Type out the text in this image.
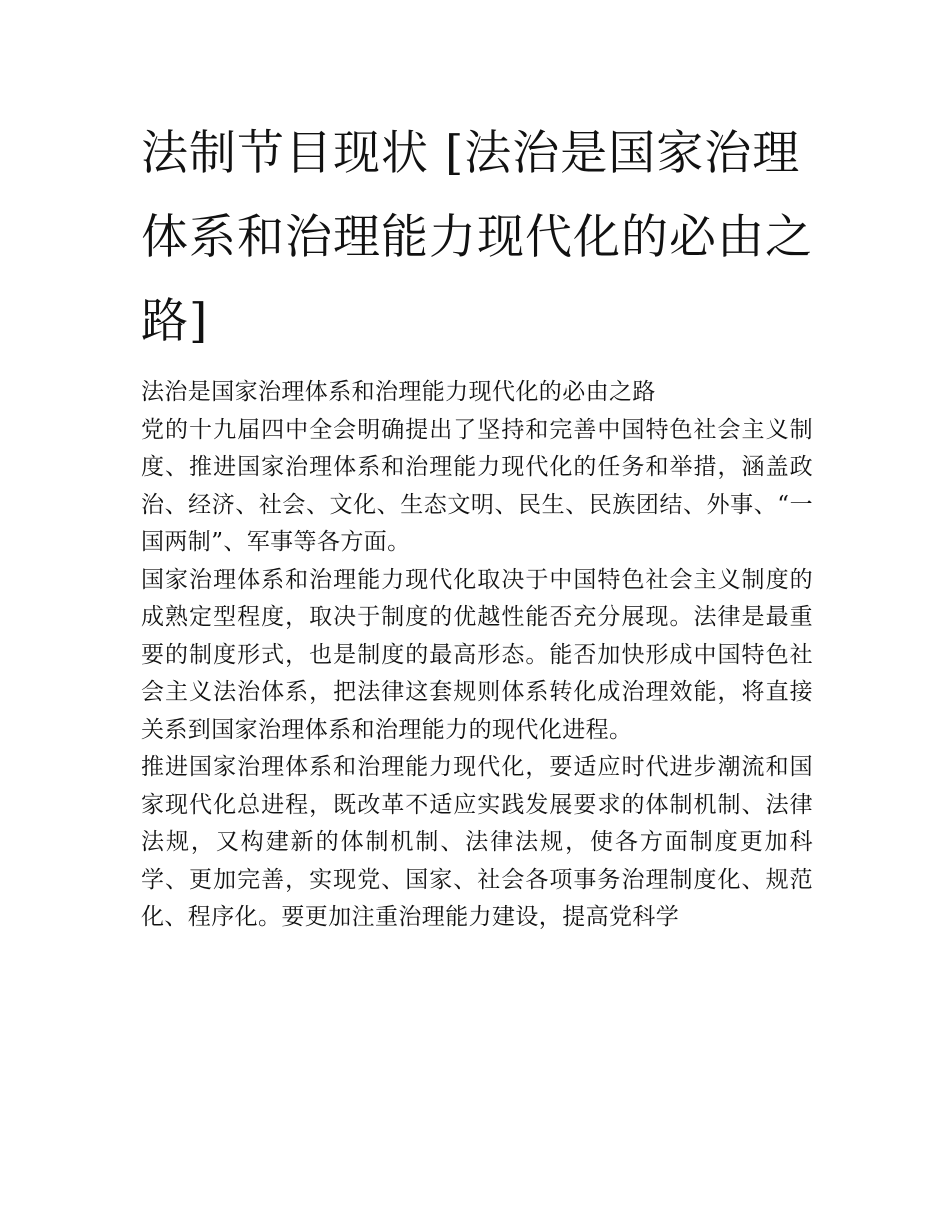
法制节目现状 [法治是国家治理体系和治理能力现代化的必由之路]

法治是国家治理体系和治理能力现代化的必由之路

党的十九届四中全会明确提出了坚持和完善中国特色社会主义制度、推进国家治理体系和治理能力现代化的任务和举措，涵盖政治、经济、社会、文化、生态文明、民生、民族团结、外事、“一国两制”、军事等各方面。

国家治理体系和治理能力现代化取决于中国特色社会主义制度的成熟定型程度，取决于制度的优越性能否充分展现。法律是最重要的制度形式，也是制度的最高形态。能否加快形成中国特色社会主义法治体系，把法律这套规则体系转化成治理效能，将直接关系到国家治理体系和治理能力的现代化进程。

推进国家治理体系和治理能力现代化，要适应时代进步潮流和国家现代化总进程，既改革不适应实践发展要求的体制机制、法律法规，又构建新的体制机制、法律法规，使各方面制度更加科学、更加完善，实现党、国家、社会各项事务治理制度化、规范化、程序化。要更加注重治理能力建设，提高党科学
